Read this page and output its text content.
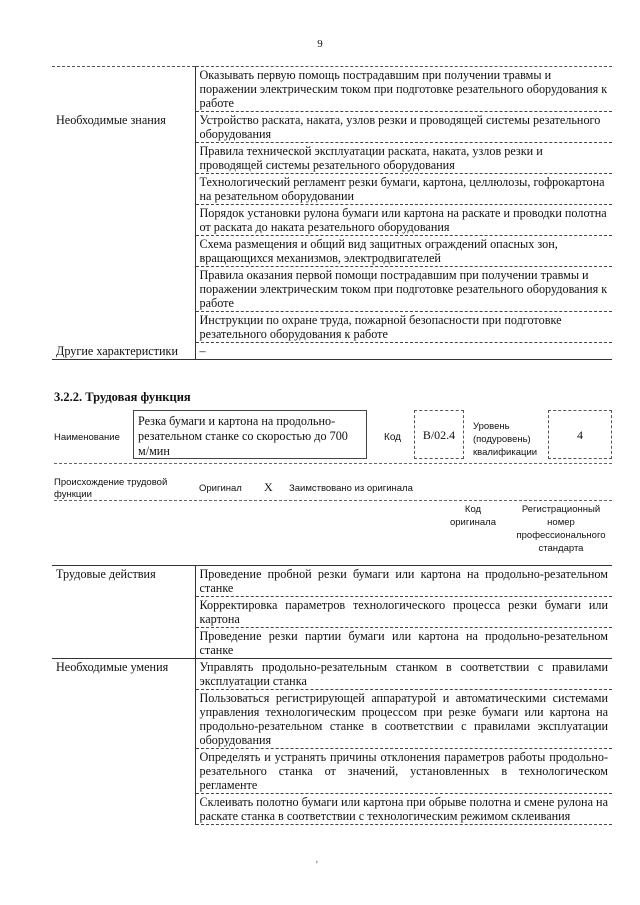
9
	Оказывать первую помощь пострадавшим при получении травмы и поражении электрическим током при подготовке резательного оборудования к работе
Необходимые знания	Устройство раската, наката, узлов резки и проводящей системы резательного оборудования
	Правила технической эксплуатации раската, наката, узлов резки и проводящей системы резательного оборудования
	Технологический регламент резки бумаги, картона, целлюлозы, гофрокартона на резательном оборудовании
	Порядок установки рулона бумаги или картона на раскате и проводки полотна от раската до наката резательного оборудования
	Схема размещения и общий вид защитных ограждений опасных зон, вращающихся механизмов, электродвигателей
	Правила оказания первой помощи пострадавшим при получении травмы и поражении электрическим током при подготовке резательного оборудования к работе
	Инструкции по охране труда, пожарной безопасности при подготовке резательного оборудования к работе
Другие характеристики	–
3.2.2. Трудовая функция
Наименование
Резка бумаги и картона на продольно-резательном станке со скоростью до 700 м/мин
Код	B/02.4
Уровень
(подуровень)
квалификации
4
Происхождение трудовой
функции
Оригинал X Заимствовано из оригинала
Код
оригинала
Регистрационный
номер
профессионального
стандарта
Трудовые действия	Проведение пробной резки бумаги или картона на продольно-резательном станке
	Корректировка параметров технологического процесса резки бумаги или картона
	Проведение резки партии бумаги или картона на продольно-резательном станке
Необходимые умения	Управлять продольно-резательным станком в соответствии с правилами эксплуатации станка
	Пользоваться регистрирующей аппаратурой и автоматическими системами управления технологическим процессом при резке бумаги или картона на продольно-резательном станке в соответствии с правилами эксплуатации оборудования
	Определять и устранять причины отклонения параметров работы продольно-резательного станка от значений, установленных в технологическом регламенте
	Склеивать полотно бумаги или картона при обрыве полотна и смене рулона на раскате станка в соответствии с технологическим режимом склеивания
'
